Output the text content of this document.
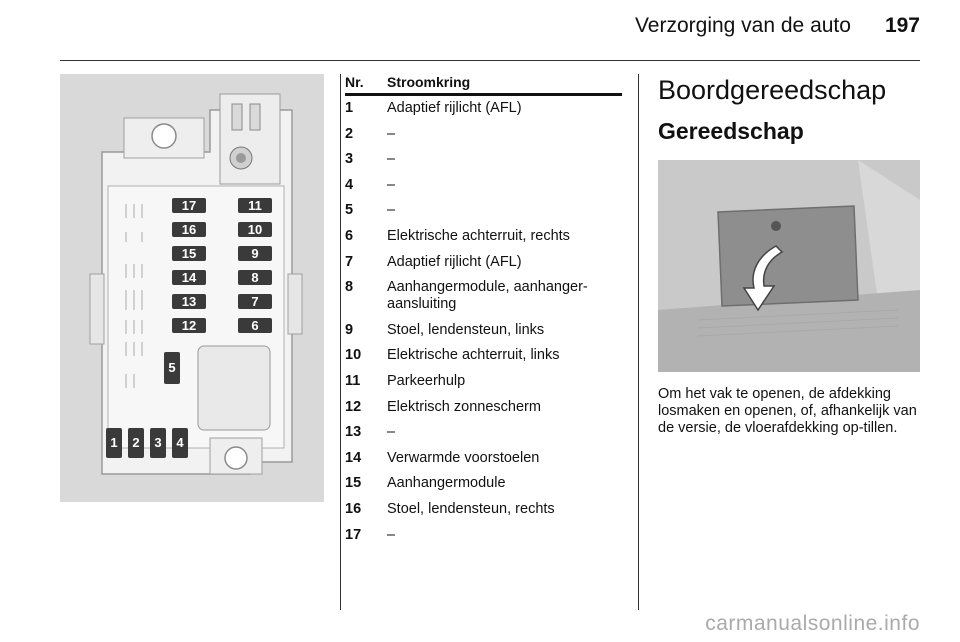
Verzorging van de auto 197
17
16
15
14
13
12
11
10
9
8
7
6
5
1	2	3	4
Nr.	Stroomkring
1	Adaptief rijlicht (AFL)
2	–
3	–
4	–
5	–
6	Elektrische achterruit, rechts
7	Adaptief rijlicht (AFL)
8	Aanhangermodule, aanhanger-aansluiting
9	Stoel, lendensteun, links
10	Elektrische achterruit, links
11	Parkeerhulp
12	Elektrisch zonnescherm
13	–
14	Verwarmde voorstoelen
15	Aanhangermodule
16	Stoel, lendensteun, rechts
17	–
Boordgereedschap
Gereedschap
Om het vak te openen, de afdekking losmaken en openen, of, afhankelijk van de versie, de vloerafdekking op-tillen.
carmanualsonline.info
